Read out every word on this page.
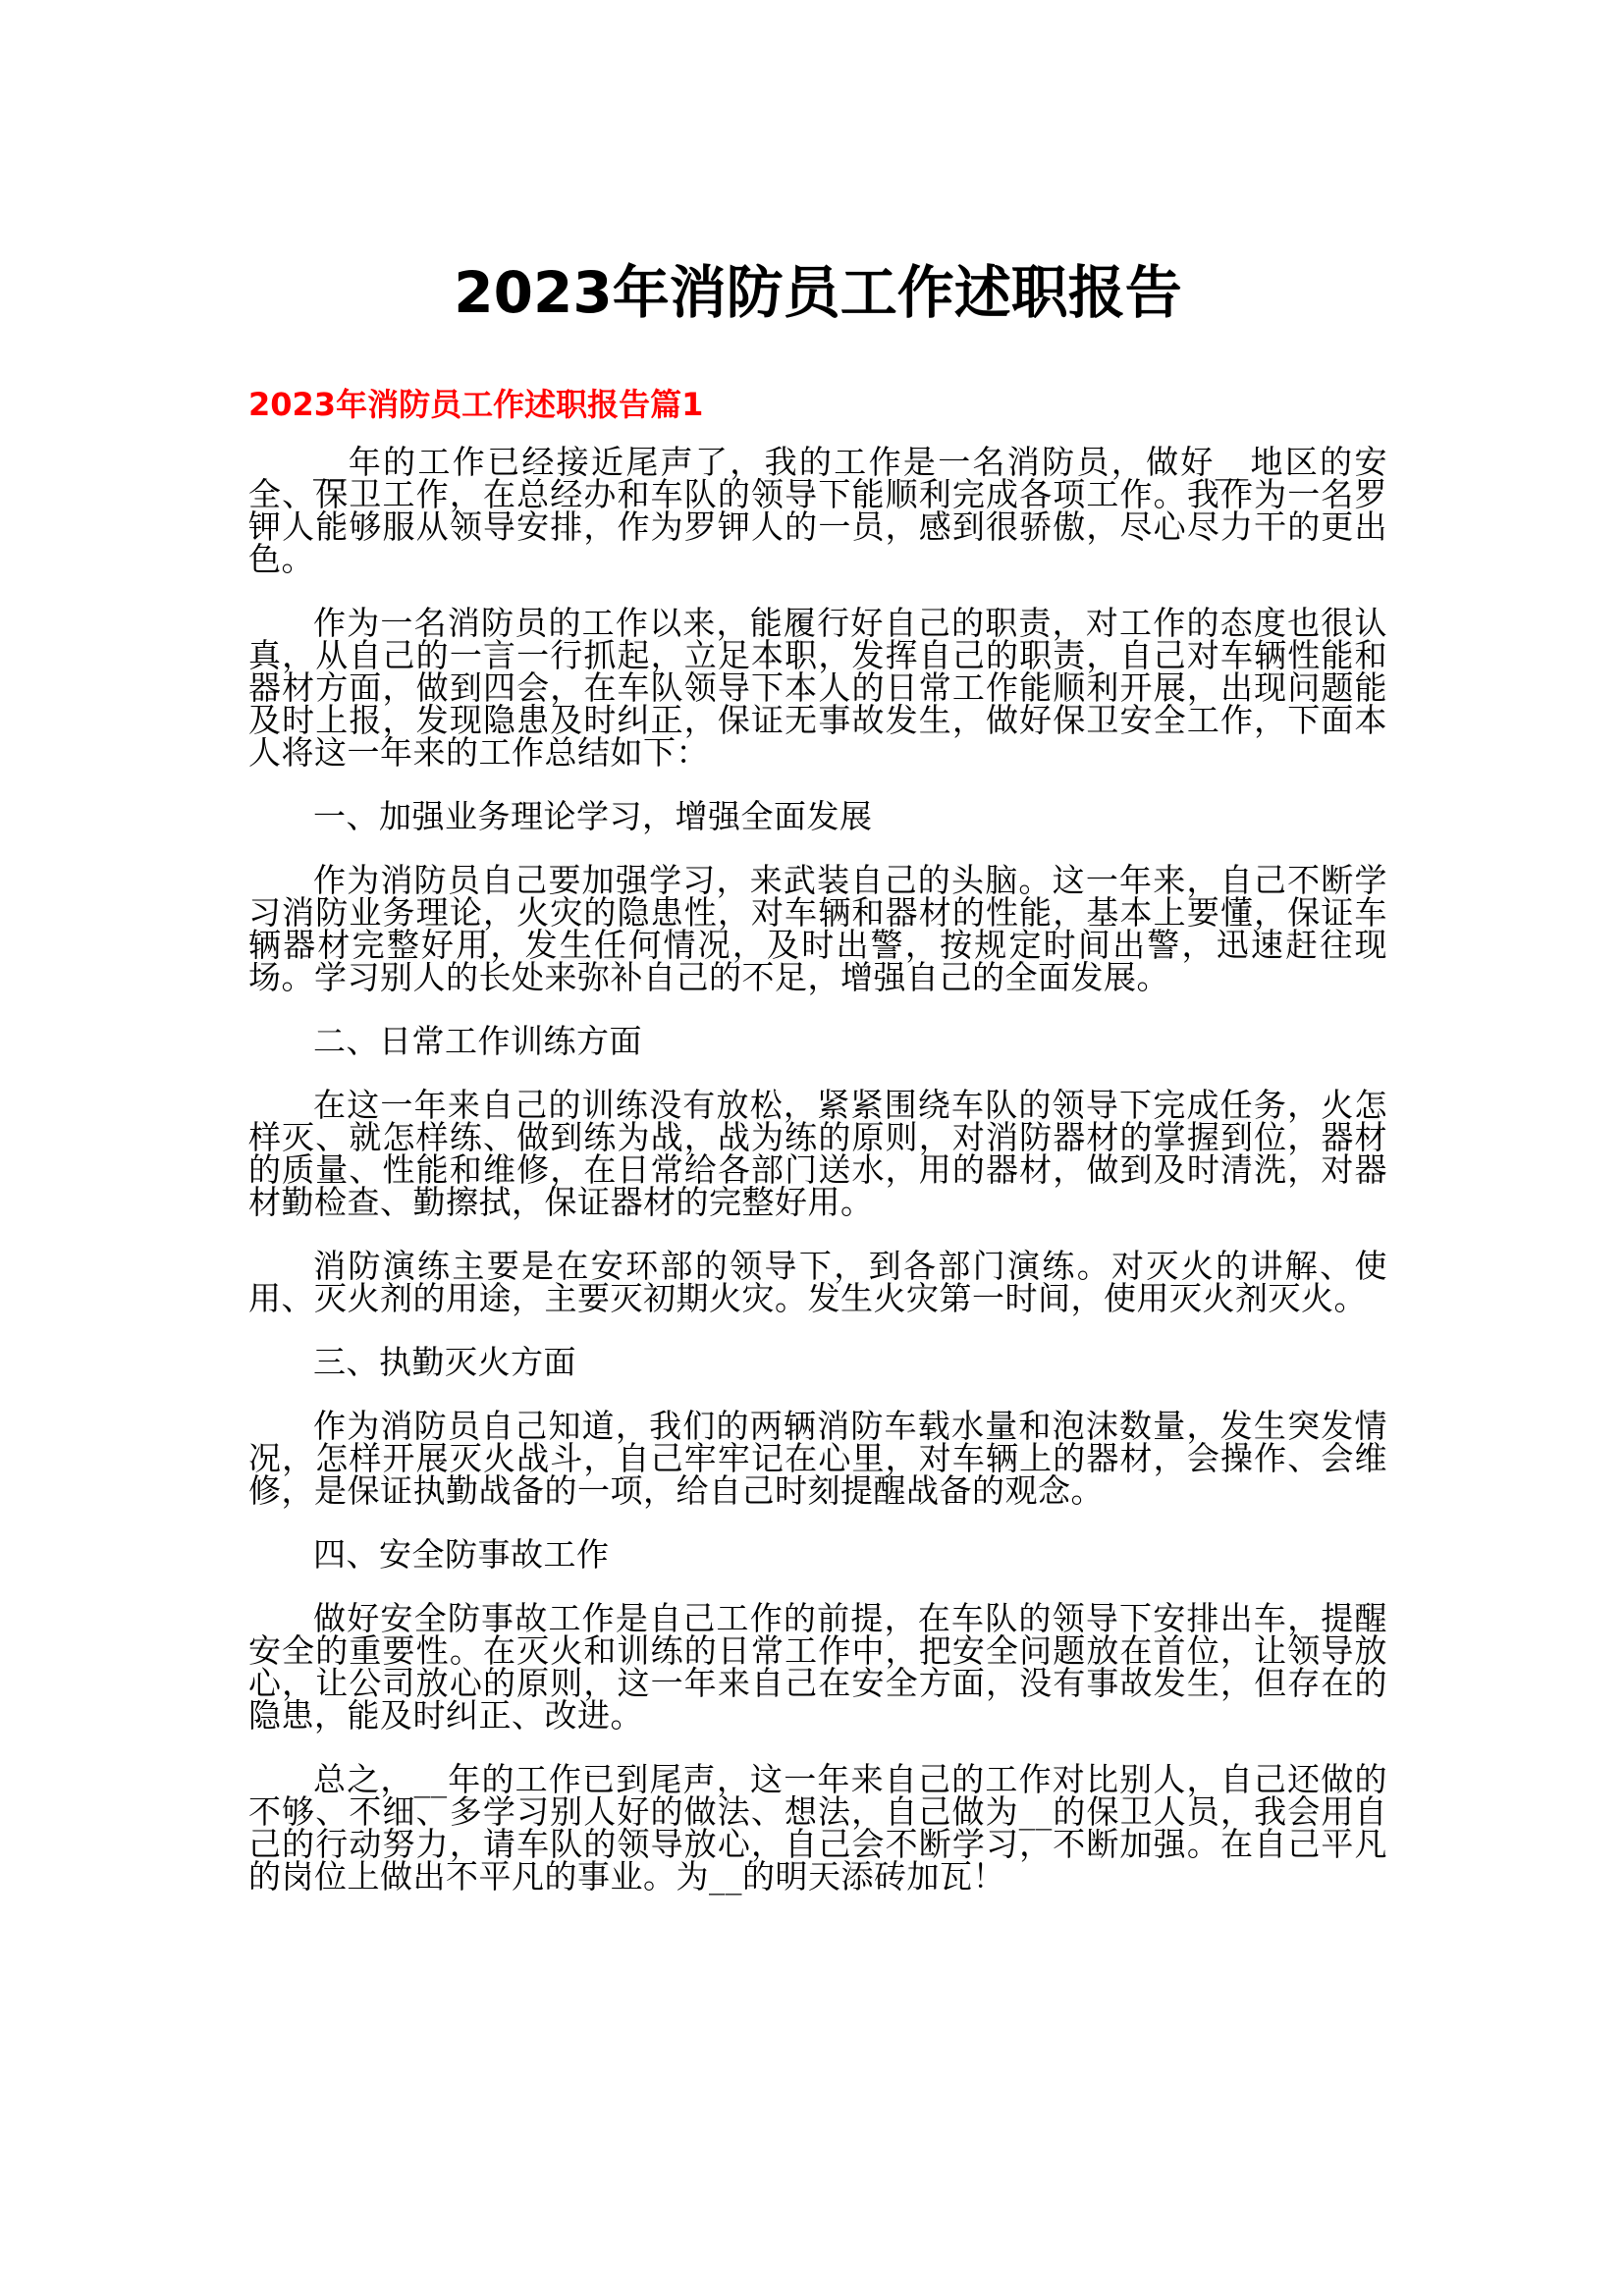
2023年消防员工作述职报告
2023年消防员工作述职报告篇1

__年的工作已经接近尾声了，我的工作是一名消防员，做好__地区的安全、保卫工作，在总经办和车队的领导下能顺利完成各项工作。我作为一名罗钾人能够服从领导安排，作为罗钾人的一员，感到很骄傲，尽心尽力干的更出色。

作为一名消防员的工作以来，能履行好自己的职责，对工作的态度也很认真，从自己的一言一行抓起，立足本职，发挥自己的职责，自己对车辆性能和器材方面，做到四会，在车队领导下本人的日常工作能顺利开展，出现问题能及时上报，发现隐患及时纠正，保证无事故发生，做好保卫安全工作，下面本人将这一年来的工作总结如下：

一、加强业务理论学习，增强全面发展

作为消防员自己要加强学习，来武装自己的头脑。这一年来，自己不断学习消防业务理论，火灾的隐患性，对车辆和器材的性能，基本上要懂，保证车辆器材完整好用，发生任何情况，及时出警，按规定时间出警，迅速赶往现场。学习别人的长处来弥补自己的不足，增强自己的全面发展。

二、日常工作训练方面

在这一年来自己的训练没有放松，紧紧围绕车队的领导下完成任务，火怎样灭、就怎样练、做到练为战，战为练的原则，对消防器材的掌握到位，器材的质量、性能和维修，在日常给各部门送水，用的器材，做到及时清洗，对器材勤检查、勤擦拭，保证器材的完整好用。

消防演练主要是在安环部的领导下，到各部门演练。对灭火的讲解、使用、灭火剂的用途，主要灭初期火灾。发生火灾第一时间，使用灭火剂灭火。

三、执勤灭火方面

作为消防员自己知道，我们的两辆消防车载水量和泡沫数量，发生突发情况，怎样开展灭火战斗，自己牢牢记在心里，对车辆上的器材，会操作、会维修，是保证执勤战备的一项，给自己时刻提醒战备的观念。

四、安全防事故工作

做好安全防事故工作是自己工作的前提，在车队的领导下安排出车，提醒安全的重要性。在灭火和训练的日常工作中，把安全问题放在首位，让领导放心，让公司放心的原则，这一年来自己在安全方面，没有事故发生，但存在的隐患，能及时纠正、改进。

总之，__年的工作已到尾声，这一年来自己的工作对比别人，自己还做的不够、不细、多学习别人好的做法、想法，自己做为__的保卫人员，我会用自己的行动努力，请车队的领导放心，自己会不断学习，不断加强。在自己平凡的岗位上做出不平凡的事业。为__的明天添砖加瓦！
